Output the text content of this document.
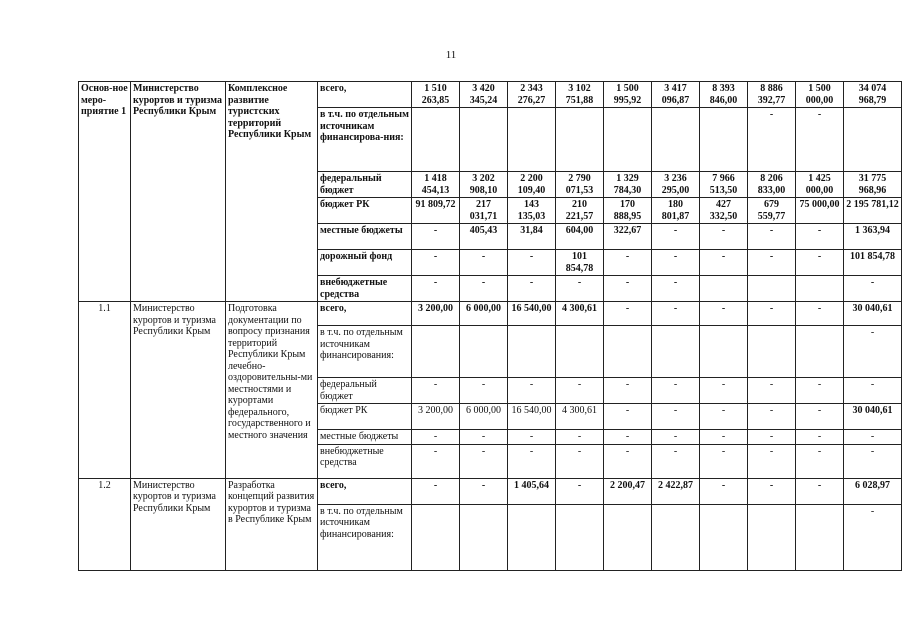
11
Основ-ное меро-приятие 1	Министерство курортов и туризма Республики Крым	Комплексное развитие туристских территорий Республики Крым	всего,	1 510 263,85	3 420 345,24	2 343 276,27	3 102 751,88	1 500 995,92	3 417 096,87	8 393 846,00	8 886 392,77	1 500 000,00	34 074 968,79
			в т.ч. по отдельным источникам финансирова-ния:								-	-	
			федеральный бюджет	1 418 454,13	3 202 908,10	2 200 109,40	2 790 071,53	1 329 784,30	3 236 295,00	7 966 513,50	8 206 833,00	1 425 000,00	31 775 968,96
			бюджет РК	91 809,72	217 031,71	143 135,03	210 221,57	170 888,95	180 801,87	427 332,50	679 559,77	75 000,00	2 195 781,12
			местные бюджеты	-	405,43	31,84	604,00	322,67	-	-	-	-	1 363,94
			дорожный фонд	-	-	-	101 854,78	-	-	-	-	-	101 854,78
			внебюджетные средства	-	-	-	-	-	-				-
1.1	Министерство курортов и туризма Республики Крым	Подготовка документации по вопросу признания территорий Республики Крым лечебно-оздоровительны-ми местностями и курортами федерального, государственного и местного значения	всего,	3 200,00	6 000,00	16 540,00	4 300,61	-	-	-	-	-	30 040,61
			в т.ч. по отдельным источникам финансирования:										-
			федеральный бюджет	-	-	-	-	-	-	-	-	-	-
			бюджет РК	3 200,00	6 000,00	16 540,00	4 300,61	-	-	-	-	-	30 040,61
			местные бюджеты	-	-	-	-	-	-	-	-	-	-
			внебюджетные средства	-	-	-	-	-	-	-	-	-	-
1.2	Министерство курортов и туризма Республики Крым	Разработка концепций развития курортов и туризма в Республике Крым	всего,	-	-	1 405,64	-	2 200,47	2 422,87	-	-	-	6 028,97
			в т.ч. по отдельным источникам финансирования:										-
